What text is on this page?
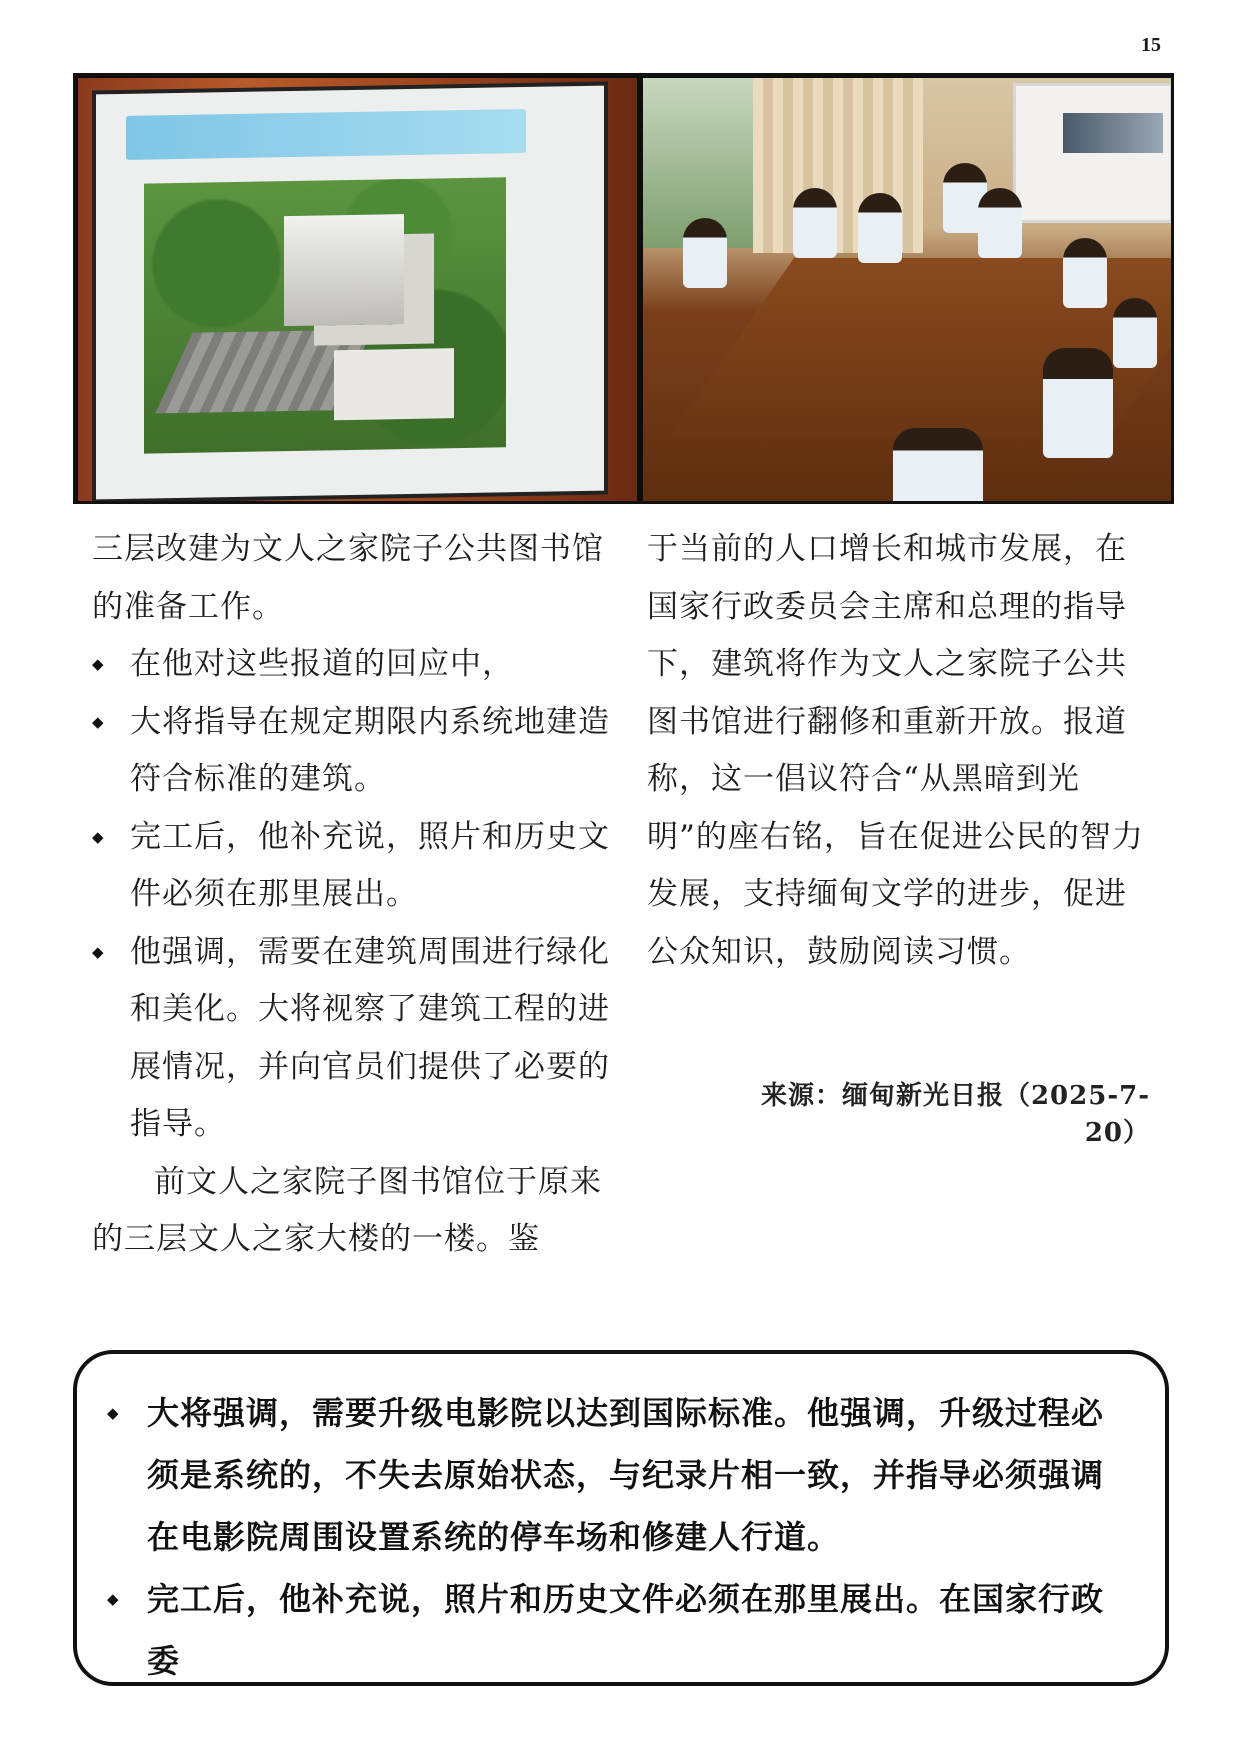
15

三层改建为文人之家院子公共图书馆的准备工作。

◆ 在他对这些报道的回应中，
◆ 大将指导在规定期限内系统地建造符合标准的建筑。
◆ 完工后，他补充说，照片和历史文件必须在那里展出。
◆ 他强调，需要在建筑周围进行绿化和美化。大将视察了建筑工程的进展情况，并向官员们提供了必要的指导。

前文人之家院子图书馆位于原来的三层文人之家大楼的一楼。鉴

于当前的人口增长和城市发展，在国家行政委员会主席和总理的指导下，建筑将作为文人之家院子公共图书馆进行翻修和重新开放。报道称，这一倡议符合“从黑暗到光明”的座右铭，旨在促进公民的智力发展，支持缅甸文学的进步，促进公众知识，鼓励阅读习惯。

来源：缅甸新光日报（2025-7-20）
◆ 大将强调，需要升级电影院以达到国际标准。他强调，升级过程必须是系统的，不失去原始状态，与纪录片相一致，并指导必须强调在电影院周围设置系统的停车场和修建人行道。
◆ 完工后，他补充说，照片和历史文件必须在那里展出。在国家行政委
